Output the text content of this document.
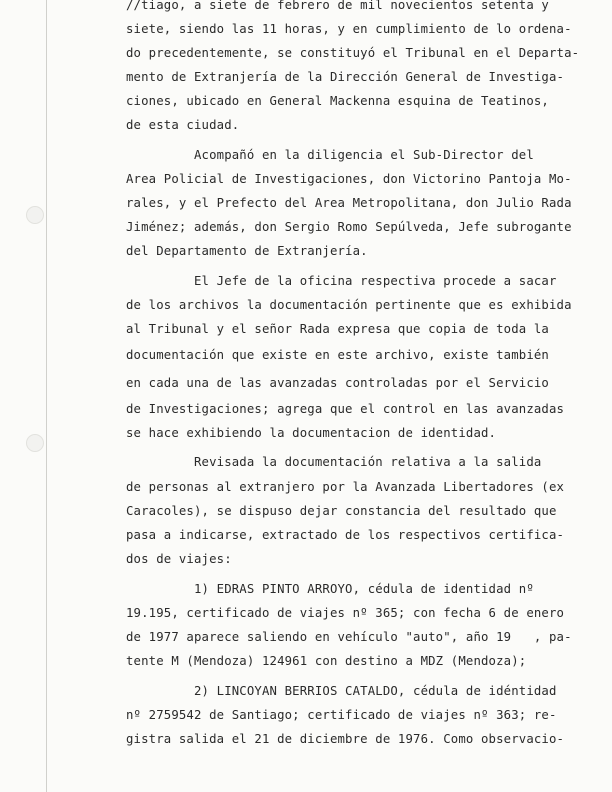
//tiago, a siete de febrero de mil novecientos setenta y
siete, siendo las 11 horas, y en cumplimiento de lo ordena-
do precedentemente, se constituyó el Tribunal en el Departa-
mento de Extranjería de la Dirección General de Investiga-
ciones, ubicado en General Mackenna esquina de Teatinos,
de esta ciudad.
Acompañó en la diligencia el Sub-Director del
Area Policial de Investigaciones, don Victorino Pantoja Mo-
rales, y el Prefecto del Area Metropolitana, don Julio Rada
Jiménez; además, don Sergio Romo Sepúlveda, Jefe subrogante
del Departamento de Extranjería.
El Jefe de la oficina respectiva procede a sacar
de los archivos la documentación pertinente que es exhibida
al Tribunal y el señor Rada expresa que copia de toda la
documentación que existe en este archivo, existe también
en cada una de las avanzadas controladas por el Servicio
de Investigaciones; agrega que el control en las avanzadas
se hace exhibiendo la documentacion de identidad.
Revisada la documentación relativa a la salida
de personas al extranjero por la Avanzada Libertadores (ex
Caracoles), se dispuso dejar constancia del resultado que
pasa a indicarse, extractado de los respectivos certifica-
dos de viajes:
1) EDRAS PINTO ARROYO, cédula de identidad nº
19.195, certificado de viajes nº 365; con fecha 6 de enero
de 1977 aparece saliendo en vehículo "auto", año 19   , pa-
tente M (Mendoza) 124961 con destino a MDZ (Mendoza);
2) LINCOYAN BERRIOS CATALDO, cédula de idéntidad
nº 2759542 de Santiago; certificado de viajes nº 363; re-
gistra salida el 21 de diciembre de 1976. Como observacio-
